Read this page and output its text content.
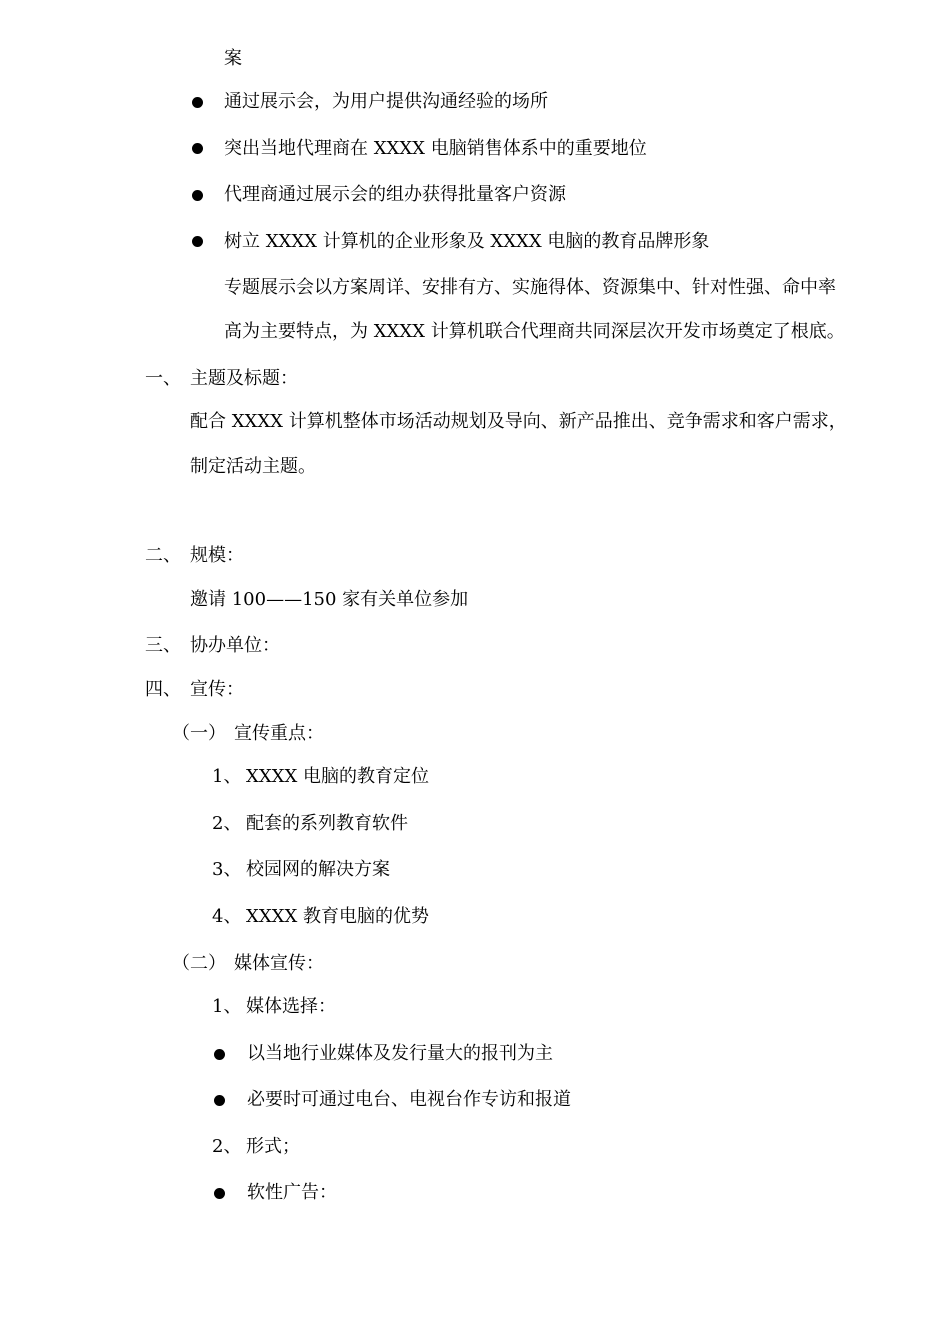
案
通过展示会，为用户提供沟通经验的场所
突出当地代理商在 XXXX 电脑销售体系中的重要地位
代理商通过展示会的组办获得批量客户资源
树立 XXXX 计算机的企业形象及 XXXX 电脑的教育品牌形象
专题展示会以方案周详、安排有方、实施得体、资源集中、针对性强、命中率
高为主要特点，为 XXXX 计算机联合代理商共同深层次开发市场奠定了根底。
一、 主题及标题：
配合 XXXX 计算机整体市场活动规划及导向、新产品推出、竞争需求和客户需求，
制定活动主题。
二、 规模：
邀请 100——150 家有关单位参加
三、 协办单位：
四、 宣传：
（一） 宣传重点：
1、 XXXX 电脑的教育定位
2、 配套的系列教育软件
3、 校园网的解决方案
4、 XXXX 教育电脑的优势
（二） 媒体宣传：
1、 媒体选择：
以当地行业媒体及发行量大的报刊为主
必要时可通过电台、电视台作专访和报道
2、 形式；
软性广告：
